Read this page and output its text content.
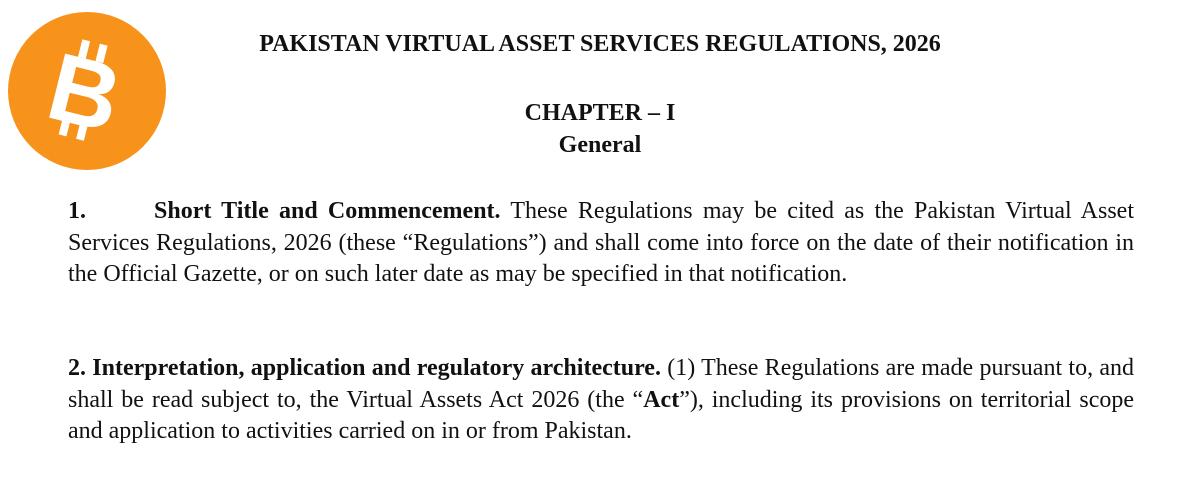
B	PAKISTAN VIRTUAL ASSET SERVICES REGULATIONS, 2026
CHAPTER – I
General
1.	Short Title and Commencement. These Regulations may be cited as the Pakistan Virtual Asset Services Regulations, 2026 (these “Regulations”) and shall come into force on the date of their notification in the Official Gazette, or on such later date as may be specified in that notification.
2. Interpretation, application and regulatory architecture. (1) These Regulations are made pursuant to, and shall be read subject to, the Virtual Assets Act 2026 (the “Act”), including its provisions on territorial scope and application to activities carried on in or from Pakistan.
